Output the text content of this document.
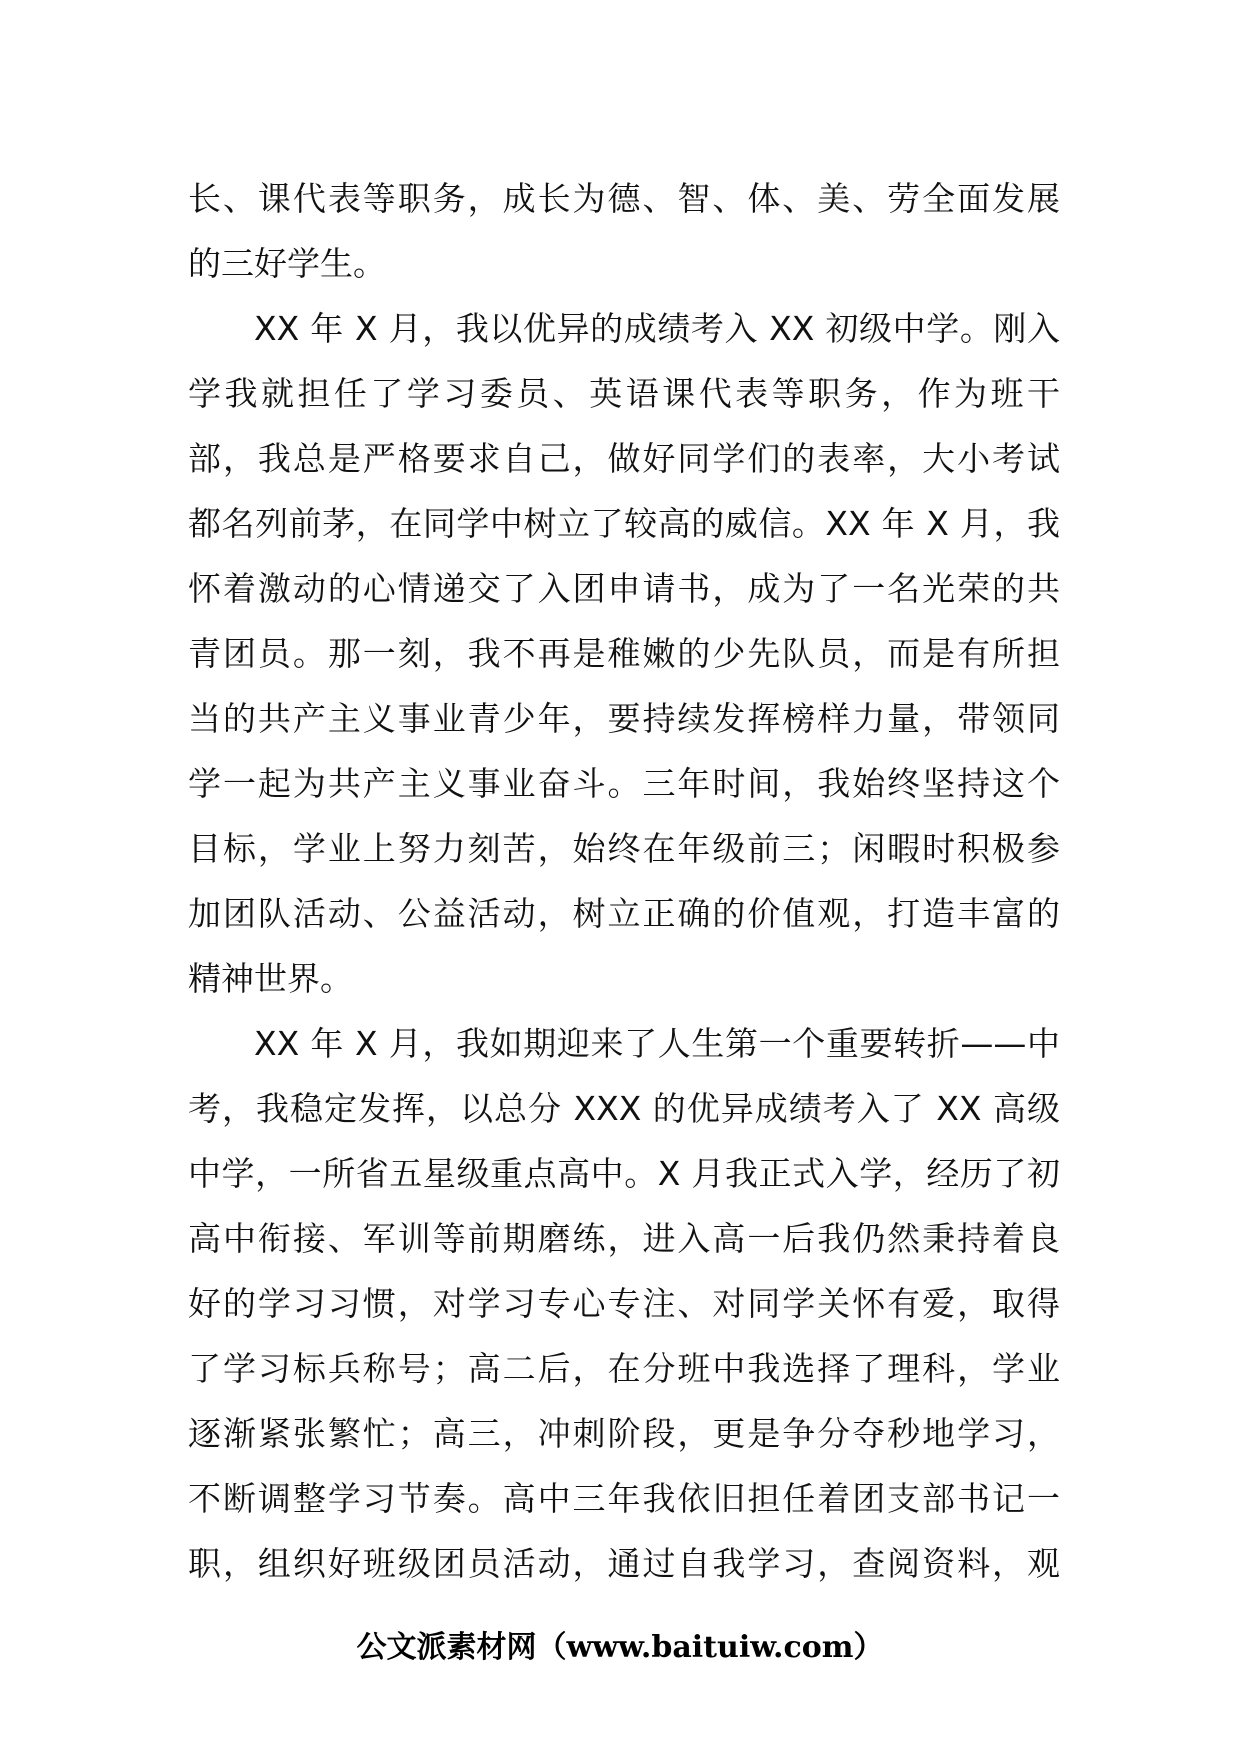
长、课代表等职务，成长为德、智、体、美、劳全面发展
的三好学生。
XX 年 X 月，我以优异的成绩考入 XX 初级中学。刚入
学我就担任了学习委员、英语课代表等职务，作为班干
部，我总是严格要求自己，做好同学们的表率，大小考试
都名列前茅，在同学中树立了较高的威信。XX 年 X 月，我
怀着激动的心情递交了入团申请书，成为了一名光荣的共
青团员。那一刻，我不再是稚嫩的少先队员，而是有所担
当的共产主义事业青少年，要持续发挥榜样力量，带领同
学一起为共产主义事业奋斗。三年时间，我始终坚持这个
目标，学业上努力刻苦，始终在年级前三；闲暇时积极参
加团队活动、公益活动，树立正确的价值观，打造丰富的
精神世界。
XX 年 X 月，我如期迎来了人生第一个重要转折——中
考，我稳定发挥，以总分 XXX 的优异成绩考入了 XX 高级
中学，一所省五星级重点高中。X 月我正式入学，经历了初
高中衔接、军训等前期磨练，进入高一后我仍然秉持着良
好的学习习惯，对学习专心专注、对同学关怀有爱，取得
了学习标兵称号；高二后，在分班中我选择了理科，学业
逐渐紧张繁忙；高三，冲刺阶段，更是争分夺秒地学习，
不断调整学习节奏。高中三年我依旧担任着团支部书记一
职，组织好班级团员活动，通过自我学习，查阅资料，观
公文派素材网（www.baituiw.com）
